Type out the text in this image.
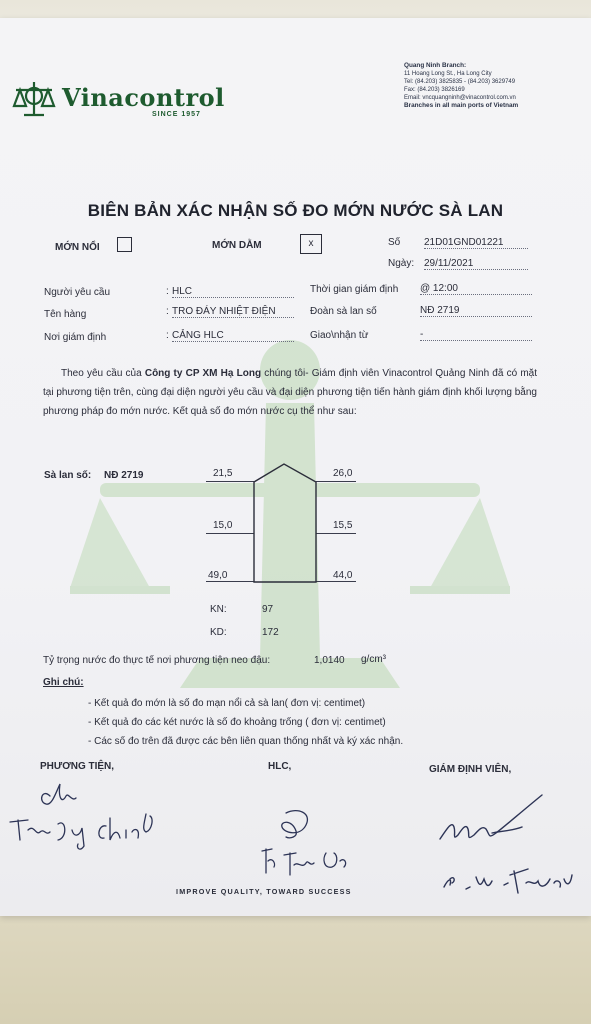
Vinacontrol
SINCE 1957
Quang Ninh Branch:
11 Hoang Long St., Ha Long City
Tel: (84.203) 3825835 - (84.203) 3629749
Fax: (84.203) 3826169
Email: vncquangninh@vinacontrol.com.vn
Branches in all main ports of Vietnam
BIÊN BẢN XÁC NHẬN SỐ ĐO MỚN NƯỚC SÀ LAN
MỚN NỔI	MỚN DẰM	x	Số 21D01GND01221
Ngày: 29/11/2021
Người yêu cầu	HLC
:
Tên hàng	TRO ĐÁY NHIỆT ĐIỆN
:
Nơi giám định	CẢNG HLC
:
Thời gian giám định @ 12:00
Đoàn sà lan số	NĐ 2719
Giao\nhận từ	-
Theo yêu cầu của Công ty CP XM Hạ Long chúng tôi- Giám định viên Vinacontrol Quảng Ninh đã có mặt tại phương tiện trên, cùng đại diện người yêu cầu và đại diện phương tiện tiến hành giám định khối lượng bằng phương pháp đo mớn nước. Kết quả số đo mớn nước cụ thể như sau:
Sà lan số: NĐ 2719	21,5	26,0
15,0	15,5
49,0	44,0
KN:	97
KD:	172
Tỷ trọng nước đo thực tế nơi phương tiện neo đậu:	1,0140 g/cm³
Ghi chú:
- Kết quả đo mớn là số đo mạn nổi cả sà lan( đơn vị: centimet)
- Kết quả đo các két nước là số đo khoảng trống ( đơn vị: centimet)
- Các số đo trên đã được các bên liên quan thống nhất và ký xác nhận.
PHƯƠNG TIỆN,	HLC,	GIÁM ĐỊNH VIÊN,
IMPROVE QUALITY, TOWARD SUCCESS
